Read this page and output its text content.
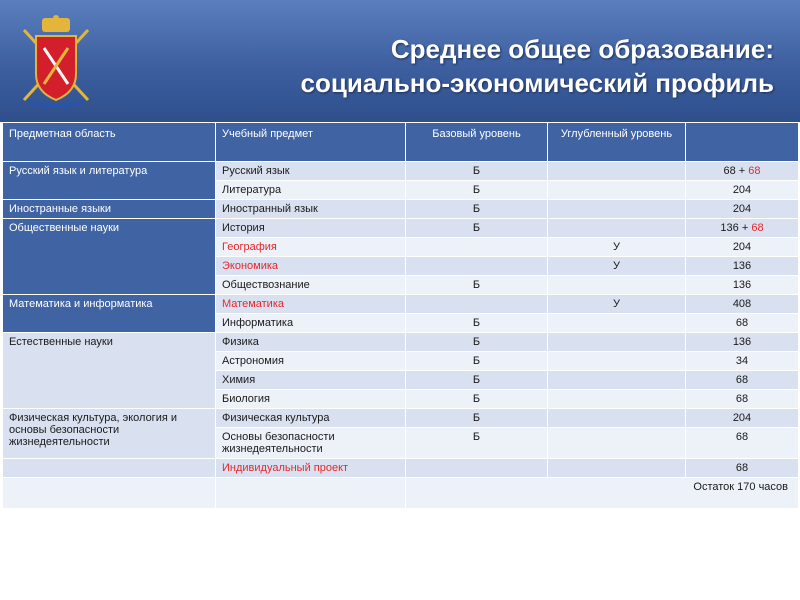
Среднее общее образование:
социально-экономический профиль
Предметная область	Учебный предмет	Базовый уровень	Углубленный уровень	
Русский язык и литература	Русский язык	Б		68 + 68
	Литература	Б		204
Иностранные языки	Иностранный язык	Б		204
Общественные науки	История	Б		136 + 68
	География		У	204
	Экономика		У	136
	Обществознание	Б		136
Математика и информатика	Математика		У	408
	Информатика	Б		68
Естественные науки	Физика	Б		136
	Астрономия	Б		34
	Химия	Б		68
	Биология	Б		68
Физическая культура, экология и основы безопасности жизнедеятельности	Физическая культура	Б		204
	Основы безопасности жизнедеятельности	Б		68
	Индивидуальный проект			68
		Остаток 170 часов		
